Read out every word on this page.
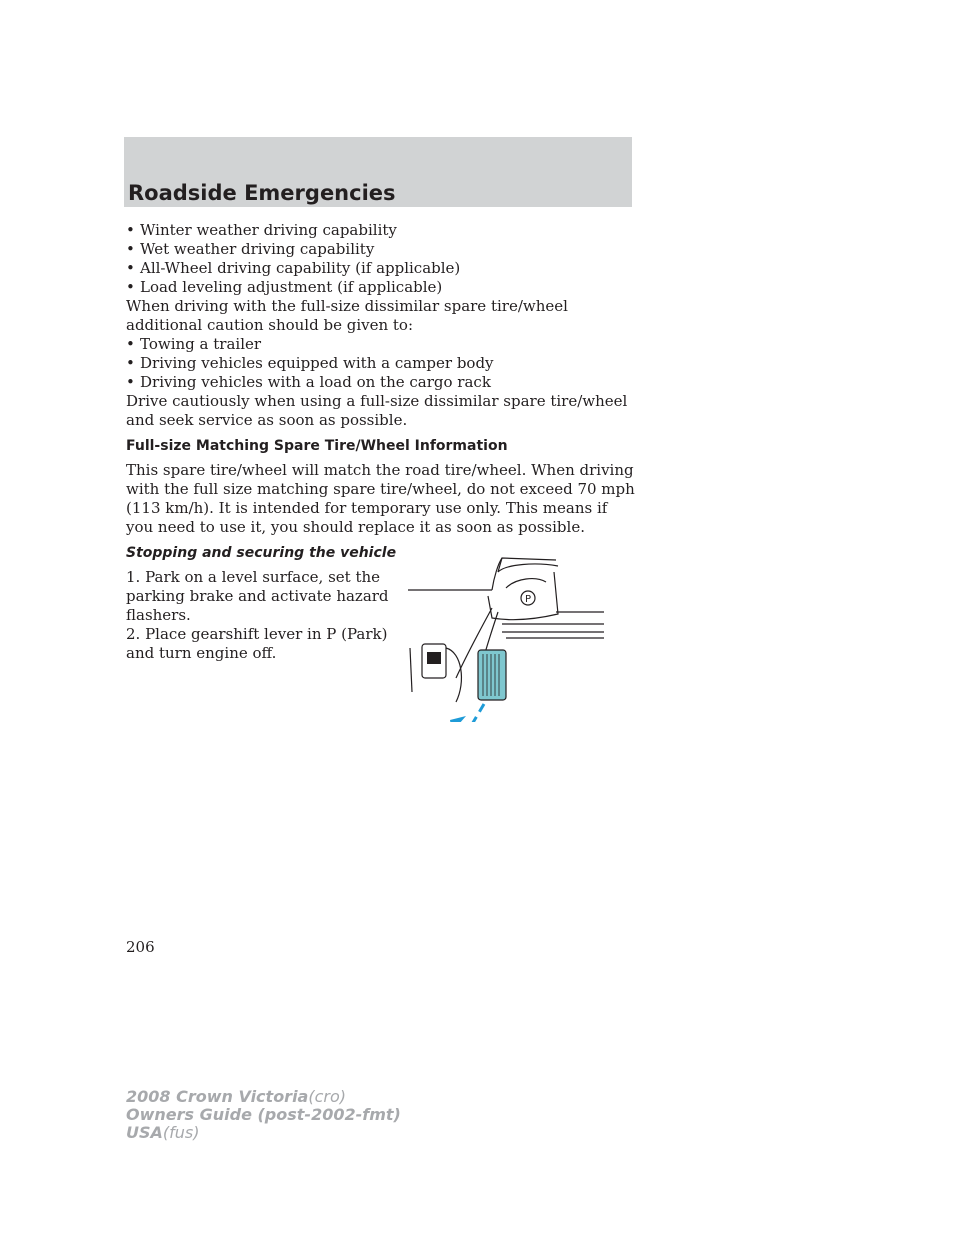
Roadside Emergencies

• Winter weather driving capability

• Wet weather driving capability

• All-Wheel driving capability (if applicable)

• Load leveling adjustment (if applicable)

When driving with the full-size dissimilar spare tire/wheel additional caution should be given to:

• Towing a trailer

• Driving vehicles equipped with a camper body

• Driving vehicles with a load on the cargo rack

Drive cautiously when using a full-size dissimilar spare tire/wheel and seek service as soon as possible.

Full-size Matching Spare Tire/Wheel Information

This spare tire/wheel will match the road tire/wheel. When driving with the full size matching spare tire/wheel, do not exceed 70 mph (113 km/h). It is intended for temporary use only. This means if you need to use it, you should replace it as soon as possible.

Stopping and securing the vehicle

1. Park on a level surface, set the parking brake and activate hazard flashers.

2. Place gearshift lever in P (Park) and turn engine off.

P
206
2008 Crown Victoria(cro)
Owners Guide (post-2002-fmt)
USA(fus)
